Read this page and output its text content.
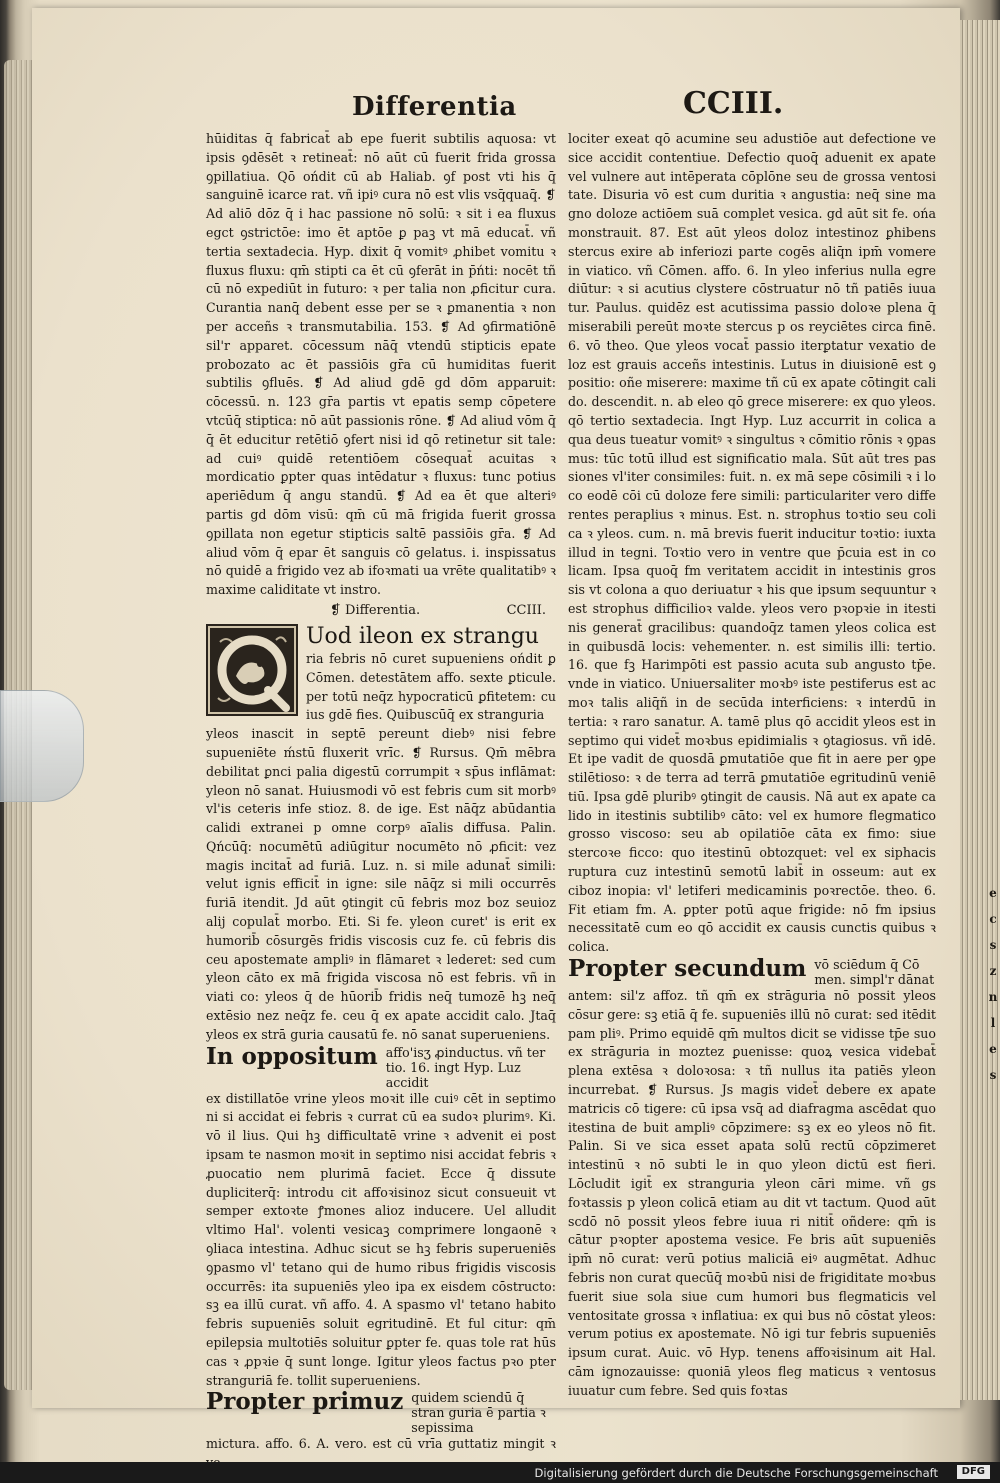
e
c
s
z
n
l
e
s
Differentia	CCIII.

hūiditas q̄ fabricat̄ ab epe fuerit subtilis aquosa: vt ipsis ꝯdēsēt ꝛ retineat̄: nō aūt cū fuerit frida grossa ꝯpillatiua. Qō ońdit cū ab Haliab. ꝯf post vti his q̄ sanguinē icarce rat. vñ ipiꝰ cura nō est vlis vsq̄quaq̄. ❡ Ad aliō dōz q̄ i hac passione nō solū: ꝛ sit i ea fluxus egct ꝯstrictōe: imo ēt aptōe ꝑ paꝫ vt mā educat̄. vñ tertia sextadecia. Hyp. dixit q̄ vomitꝰ ꝓhibet vomitu ꝛ fluxus fluxu: qm̄ stipti ca ēt cū ꝯferāt in p̄ńti: nocēt tñ cū nō expediūt in futuro: ꝛ per talia non ꝓficitur cura. Curantia nanq̄ debent esse per se ꝛ ꝑmanentia ꝛ non per acceñs ꝛ transmutabilia. 153. ❡ Ad ꝯfirmatiōnē sil'r apparet. cōcessum nāq̄ vtendū stipticis epate probozato ac ēt passiōis gr̄a cū humiditas fuerit subtilis ꝯfluēs. ❡ Ad aliud gdē gd dōm apparuit: cōcessū. n. 123 gr̄a partis vt epatis semp cōpetere vtcūq̄ stiptica: nō aūt passionis rōne. ❡ Ad aliud vōm q̄ q̄ ēt educitur retētiō ꝯfert nisi id qō retinetur sit tale: ad cuiꝰ quidē retentiōem cōsequat̄ acuitas ꝛ mordicatio ꝑpter quas intēdatur ꝛ fluxus: tunc potius aperiēdum q̄ angu standū. ❡ Ad ea ēt que alteriꝰ partis gd dōm visū: qm̄ cū mā frigida fuerit grossa ꝯpillata non egetur stipticis saltē passiōis gr̄a. ❡ Ad aliud vōm q̄ epar ēt sanguis cō gelatus. i. inspissatus nō quidē a frigido vez ab ifoꝛmati ua vrēte qualitatibꝰ ꝛ maxime caliditate vt instro.

❡ Differentia.	CCIII.
Uod ileon ex strangu

ria febris nō curet supueniens ońdit ꝑ Cōmen. detestātem affo. sexte ꝑticule. per totū neq̄z hypocraticū ꝑfitetem: cu ius gdē fies. Quibuscūq̄ ex stranguria

yleos inascit in septē pereunt diebꝰ nisi febre supueniēte ḿstū fluxerit vrīc. ❡ Rursus. Qm̄ mēbra debilitat ꝑnci palia digestū corrumpit ꝛ sp̄us inflāmat: yleon nō sanat. Huiusmodi vō est febris cum sit morbꝰ vl'is ceteris infe stioz. 8. de ige. Est nāq̄z abūdantia calidi extranei p omne corpꝰ aīalis diffusa. Palin. Qńcūq̄: nocumētū adiūgitur nocumēto nō ꝓficit: vez magis incitat̄ ad furiā. Luz. n. si mile adunat̄ simili: velut ignis efficit̄ in igne: sile nāq̄z si mili occurrēs furiā itendit. Jd aūt ꝯtingit cū febris moz boz seuioz alij copulat̄ morbo. Eti. Si fe. yleon curet' is erit ex humorib̄ cōsurgēs fridis viscosis cuz fe. cū febris dis ceu apostemate ampliꝰ in flāmaret ꝛ lederet: sed cum yleon cāto ex mā frigida viscosa nō est febris. vñ in viati co: yleos q̄ de hūorib̄ fridis neq̄ tumozē hꝫ neq̄ extēsio nez neq̄z fe. ceu q̄ ex apate accidit calo. Jtaq̄ yleos ex strā guria causatū fe. nō sanat superueniens.

In oppositum affo'isʒ ꝓinductus. vñ ter tio. 16. ingt Hyp. Luz accidit

ex distillatōe vrine yleos moꝛit ille cuiꝰ cēt in septimo ni si accidat ei febris ꝛ currat cū ea sudoꝛ plurimꝰ. Ki. vō il lius. Qui hꝫ difficultatē vrine ꝛ advenit ei post ipsam te nasmon moꝛit in septimo nisi accidat febris ꝛ ꝓuocatio nem plurimā faciet. Ecce q̄ dissute dupliciterq̄: introdu cit affoꝛisinoz sicut consueuit vt semper extoꝛte ꝭmones alioz inducere. Uel alludit vltimo Hal'. volenti vesicaꝫ comprimere longaonē ꝛ ꝯliaca intestina. Adhuc sicut se hꝫ febris superueniēs ꝯpasmo vl' tetano qui de humo ribus frigidis viscosis occurrēs: ita supueniēs yleo ipa ex eisdem cōstructo: sꝫ ea illū curat. vñ affo. 4. A spasmo vl' tetano habito febris supueniēs soluit egritudinē. Et ful citur: qm̄ epilepsia multotiēs soluitur ꝑpter fe. quas tole rat hūs cas ꝛ ꝓpꝛie q̄ sunt longe. Igitur yleos factus pꝛo pter stranguriā fe. tollit superueniens.

Propter primuz quidem sciendū q̄ stran guria ē partia ꝛ sepissima

mictura. affo. 6. A. vero. est cū vrīa guttatiz mingit ꝛ

lociter exeat qō acumine seu adustiōe aut defectione ve sice accidit contentiue. Defectio quoq̄ aduenit ex apate vel vulnere aut intēperata cōplōne seu de grossa ventosi tate. Disuria vō est cum duritia ꝛ angustia: neq̄ sine ma gno doloze actiōem suā complet vesica. gd aūt sit fe. ońa monstrauit. 87. Est aūt yleos doloz intestinoz ꝑhibens stercus exire ab inferiozi parte cogēs aliq̄n ipm̄ vomere in viatico. vñ Cōmen. affo. 6. In yleo inferius nulla egre diūtur: ꝛ si acutius clystere cōstruatur nō tñ patiēs iuua tur. Paulus. quidēz est acutissima passio doloꝛe plena q̄ miserabili pereūt moꝛte stercus p os reyciētes circa finē. 6. vō theo. Que yleos vocat̄ passio iterꝑtatur vexatio de loz est grauis acceñs intestinis. Lutus in diuisionē est ꝯ positio: oñe miserere: maxime tñ cū ex apate cōtingit cali do. descendit. n. ab eleo qō grece miserere: ex quo yleos. qō tertio sextadecia. Ingt Hyp. Luz accurrit in colica a qua deus tueatur vomitꝰ ꝛ singultus ꝛ cōmitio rōnis ꝛ ꝯpas mus: tūc totū illud est significatio mala. Sūt aūt tres pas siones vl'iter consimiles: fuit. n. ex mā sepe cōsimili ꝛ i lo co eodē cōi cū doloze fere simili: particulariter vero diffe rentes peraplius ꝛ minus. Est. n. strophus toꝛtio seu coli ca ꝛ yleos. cum. n. mā brevis fuerit inducitur toꝛtio: iuxta illud in tegni. Toꝛtio vero in ventre que p̄cuia est in co licam. Ipsa quoq̄ fm veritatem accidit in intestinis gros sis vt colona a quo deriuatur ꝛ his que ipsum sequuntur ꝛ est strophus difficilioꝛ valde. yleos vero pꝛopꝛie in itesti nis generat̄ gracilibus: quandoq̄z tamen yleos colica est in quibusdā locis: vehementer. n. est similis illi: tertio. 16. que fꝫ Harimpōti est passio acuta sub angusto tp̄e. vnde in viatico. Uniuersaliter moꝛbꝰ iste pestiferus est ac moꝛ talis aliq̄ñ in de secūda interficiens: ꝛ interdū in tertia: ꝛ raro sanatur. A. tamē plus qō accidit yleos est in septimo qui videt̄ moꝛbus epidimialis ꝛ ꝯtagiosus. vñ idē. Et ipe vadit de quosdā ꝑmutatiōe que fit in aere per ꝯpe stilētioso: ꝛ de terra ad terrā ꝑmutatiōe egritudinū veniē tiū. Ipsa gdē pluribꝰ ꝯtingit de causis. Nā aut ex apate ca lido in itestinis subtilibꝰ cāto: vel ex humore flegmatico grosso viscoso: seu ab opilatiōe cāta ex fimo: siue stercoꝛe ficco: quo itestinū obtozquet: vel ex siphacis ruptura cuz intestinū semotū labit̄ in osseum: aut ex ciboz inopia: vl' letiferi medicaminis poꝛrectōe. theo. 6. Fit etiam fm. A. ꝑpter potū aque frigide: nō fm ipsius necessitatē cum eo qō accidit ex causis cunctis quibus ꝛ colica.

Propter secundum vō sciēdum q̄ Cō men. simpl'r dānat

antem: sil'z affoz. tñ qm̄ ex strāguria nō possit yleos cōsur gere: sꝫ etiā q̄ fe. supueniēs illū nō curat: sed itēdit pam pliꝰ. Primo equidē qm̄ multos dicit se vidisse tp̄e suo ex strāguria in moztez ꝑuenisse: quoꝝ vesica videbat̄ plena extēsa ꝛ doloꝛosa: ꝛ tñ nullus ita patiēs yleon incurrebat. ❡ Rursus. Js magis videt̄ debere ex apate matricis cō tigere: cū ipsa vsq̄ ad diafragma ascēdat quo itestina de buit ampliꝰ cōpzimere: sꝫ ex eo yleos nō fit. Palin. Si ve sica esset apata solū rectū cōpzimeret intestinū ꝛ nō subti le in quo yleon dictū est fieri. Lōcludit igit̄ ex stranguria yleon cāri mime. vñ gs foꝛtassis p yleon colicā etiam au dit vt tactum. Quod aūt scdō nō possit yleos febre iuua ri nitit̄ oñdere: qm̄ is cātur pꝛopter apostema vesice. Fe bris aūt supueniēs ipm̄ nō curat: verū potius maliciā eiꝰ augmētat. Adhuc febris non curat quecūq̄ moꝛbū nisi de frigiditate moꝛbus fuerit siue sola siue cum humori bus flegmaticis vel ventositate grossa ꝛ inflatiua: ex qui bus nō cōstat yleos: verum potius ex apostemate. Nō igi tur febris supueniēs ipsum curat. Auic. vō Hyp. tenens affoꝛisinum ait Hal. cām ignozauisse: quoniā yleos fleg maticus ꝛ ventosus iuuatur cum febre. Sed quis foꝛtas

Digitalisierung gefördert durch die Deutsche Forschungsgemeinschaft	DFG
